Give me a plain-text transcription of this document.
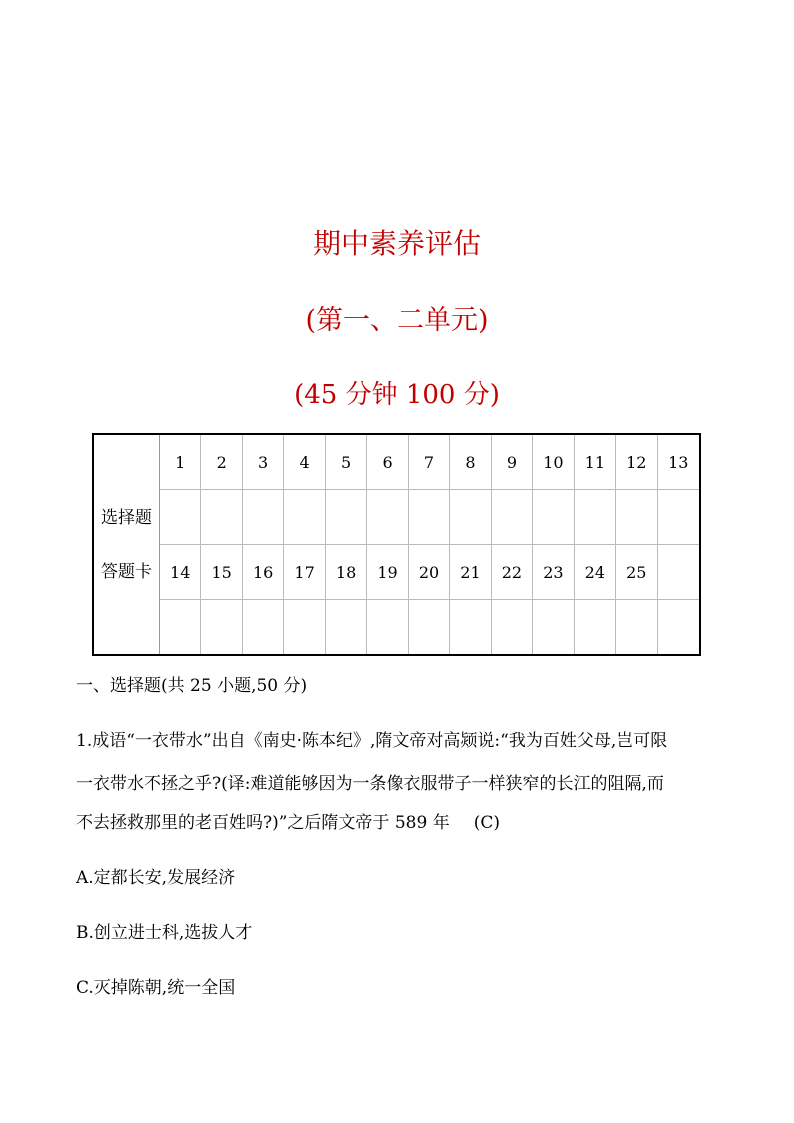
期中素养评估
(第一、二单元)
(45 分钟 100 分)
选择题
答题卡
1	2	3	4	5	6	7	8	9	10	11	12	13
14	15	16	17	18	19	20	21	22	23	24	25
一、选择题(共 25 小题,50 分)
1.成语“一衣带水”出自《南史·陈本纪》,隋文帝对高颎说:“我为百姓父母,岂可限
一衣带水不拯之乎?(译:难道能够因为一条像衣服带子一样狭窄的长江的阻隔,而
不去拯救那里的老百姓吗?)”之后隋文帝于 589 年 (C)
A.定都长安,发展经济
B.创立进士科,选拔人才
C.灭掉陈朝,统一全国
